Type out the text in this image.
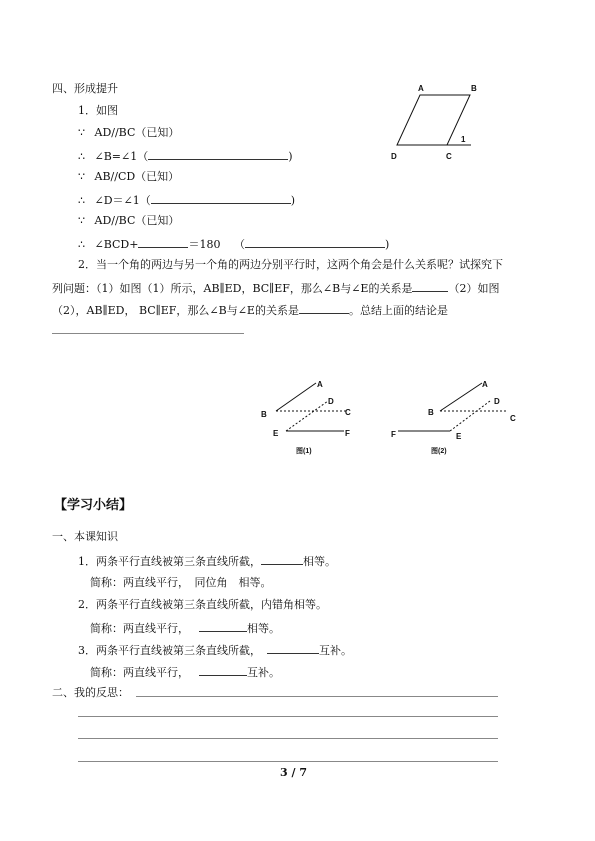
四、形成提升
1．如图
∵ AD//BC（已知）
∴ ∠B=∠1（	)
∵ AB//CD（已知）
∴ ∠D＝∠1（	)
∵ AD//BC（已知）
∴ ∠BCD+	＝180 （	)
A	B
D	C
1
2．当一个角的两边与另一个角的两边分别平行时，这两个角会是什么关系呢？试探究下
列问题：（1）如图（1）所示，AB∥ED，BC∥EF，那么∠B与∠E的关系是	（2）如图
（2），AB∥ED， BC∥EF，那么∠B与∠E的关系是	。总结上面的结论是
A
D
B	C
E	F
图(1)
A
D
B
C
F	E
图(2)
【学习小结】
一、本课知识
1．两条平行直线被第三条直线所截，	相等。
简称：两直线平行，　同位角　相等。
2．两条平行直线被第三条直线所截，内错角相等。
简称：两直线平行，	相等。
3．两条平行直线被第三条直线所截，	互补。
简称：两直线平行，	互补。
二、我的反思：
3 / 7
